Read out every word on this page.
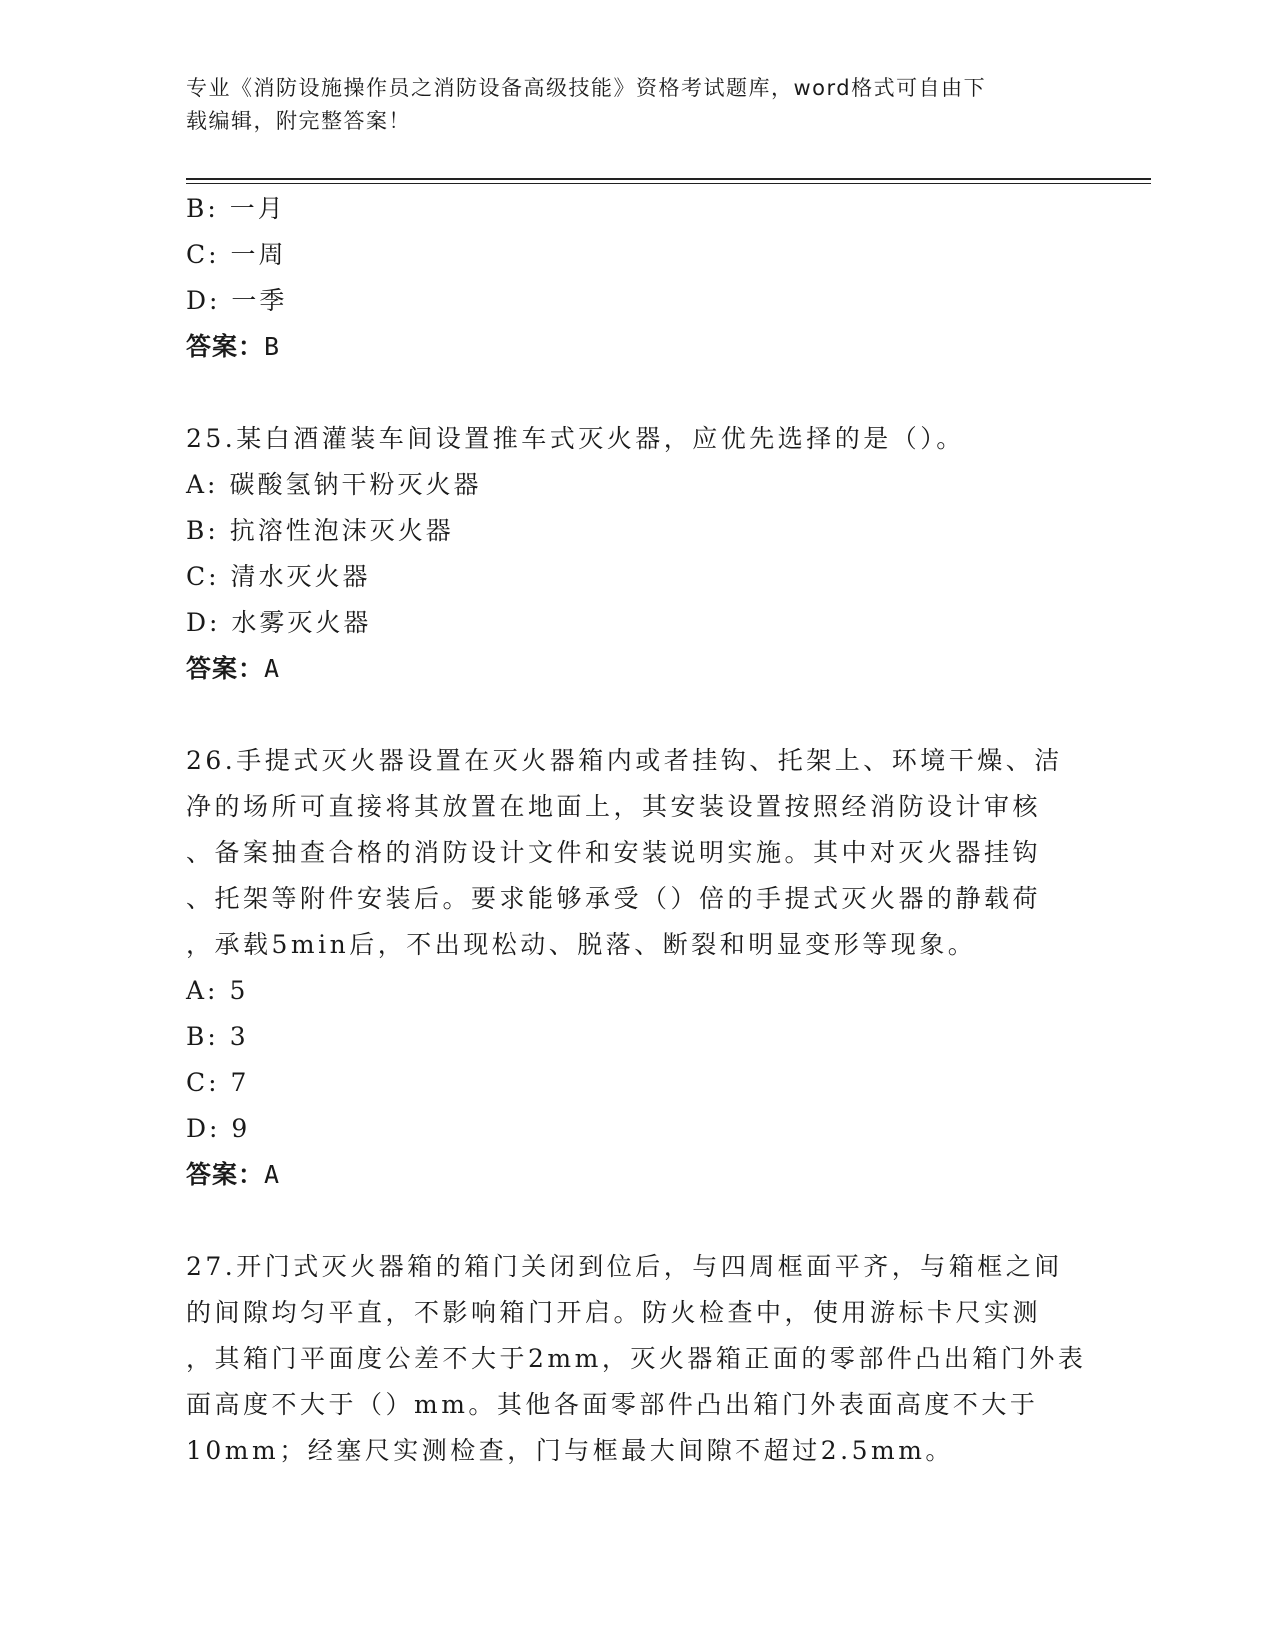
专业《消防设施操作员之消防设备高级技能》资格考试题库，word格式可自由下
载编辑，附完整答案！
B: 一月
C: 一周
D: 一季
答案：B
25.某白酒灌装车间设置推车式灭火器，应优先选择的是（）。
A: 碳酸氢钠干粉灭火器
B: 抗溶性泡沫灭火器
C: 清水灭火器
D: 水雾灭火器
答案：A
26.手提式灭火器设置在灭火器箱内或者挂钩、托架上、环境干燥、洁
净的场所可直接将其放置在地面上，其安装设置按照经消防设计审核
、备案抽查合格的消防设计文件和安装说明实施。其中对灭火器挂钩
、托架等附件安装后。要求能够承受（）倍的手提式灭火器的静载荷
，承载5min后，不出现松动、脱落、断裂和明显变形等现象。
A: 5
B: 3
C: 7
D: 9
答案：A
27.开门式灭火器箱的箱门关闭到位后，与四周框面平齐，与箱框之间
的间隙均匀平直，不影响箱门开启。防火检查中，使用游标卡尺实测
，其箱门平面度公差不大于2mm，灭火器箱正面的零部件凸出箱门外表
面高度不大于（）mm。其他各面零部件凸出箱门外表面高度不大于
10mm；经塞尺实测检查，门与框最大间隙不超过2.5mm。
